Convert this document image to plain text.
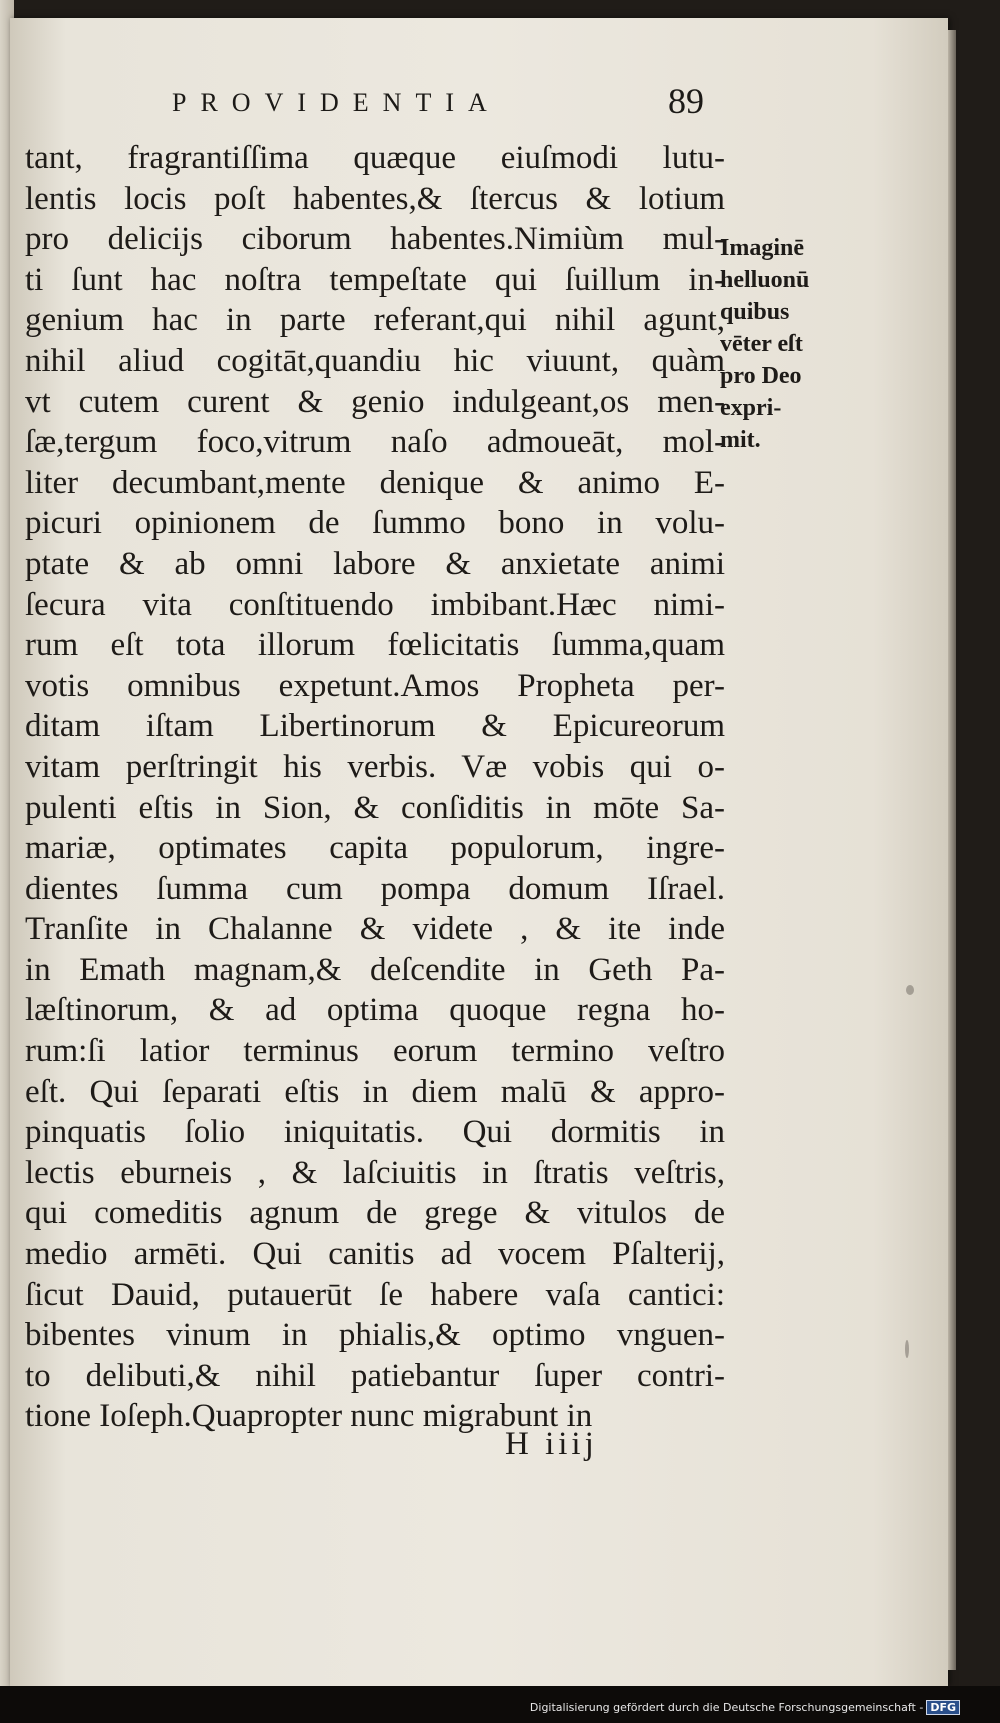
PROVIDENTIA	89
tant, fragrantiſſima quæque eiuſmodi lutu-
lentis locis poſt habentes,& ſtercus & lotium
pro delicijs ciborum habentes.Nimiùm mul-
ti ſunt hac noſtra tempeſtate qui ſuillum in-
genium hac in parte referant,qui nihil agunt,
nihil aliud cogitāt,quandiu hic viuunt, quàm
vt cutem curent & genio indulgeant,os men-
ſæ,tergum foco,vitrum naſo admoueāt, mol-
liter decumbant,mente denique & animo E-
picuri opinionem de ſummo bono in volu-
ptate & ab omni labore & anxietate animi
ſecura vita conſtituendo imbibant.Hæc nimi-
rum eſt tota illorum fœlicitatis ſumma,quam
votis omnibus expetunt.Amos Propheta per-
ditam iſtam Libertinorum & Epicureorum
vitam perſtringit his verbis. Væ vobis qui o-
pulenti eſtis in Sion, & conſiditis in mōte Sa-
mariæ, optimates capita populorum, ingre-
dientes ſumma cum pompa domum Iſrael.
Tranſite in Chalanne & videte , & ite inde
in Emath magnam,& deſcendite in Geth Pa-
læſtinorum, & ad optima quoque regna ho-
rum:ſi latior terminus eorum termino veſtro
eſt. Qui ſeparati eſtis in diem malū & appro-
pinquatis ſolio iniquitatis. Qui dormitis in
lectis eburneis , & laſciuitis in ſtratis veſtris,
qui comeditis agnum de grege & vitulos de
medio armēti. Qui canitis ad vocem Pſalterij,
ſicut Dauid, putauerūt ſe habere vaſa cantici:
bibentes vinum in phialis,& optimo vnguen-
to delibuti,& nihil patiebantur ſuper contri-
tione Ioſeph.Quapropter nunc migrabunt in
Imaginē
helluonū
quibus
vēter eſt
pro Deo
expri-
mit.
H iiij
Digitalisierung gefördert durch die Deutsche Forschungsgemeinschaft - DFG
